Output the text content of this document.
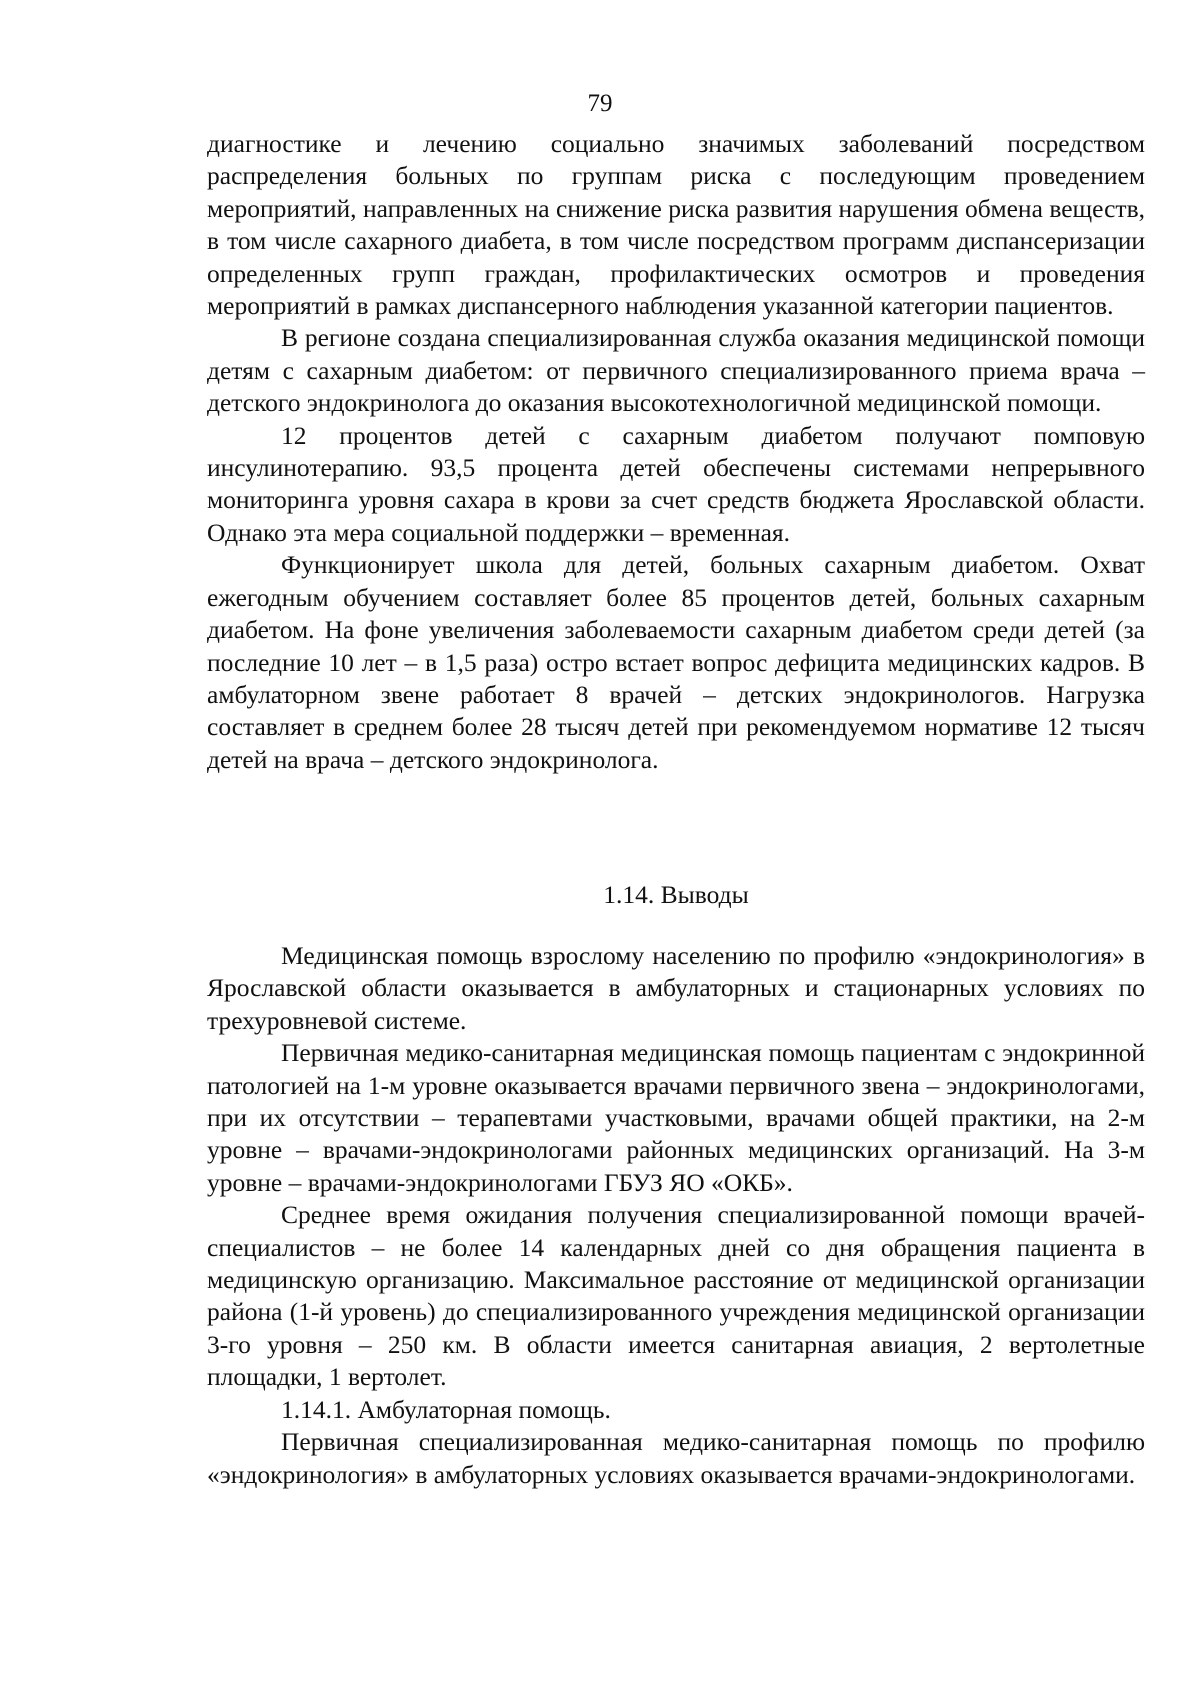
79

диагностике и лечению социально значимых заболеваний посредством распределения больных по группам риска с последующим проведением мероприятий, направленных на снижение риска развития нарушения обмена веществ, в том числе сахарного диабета, в том числе посредством программ диспансеризации определенных групп граждан, профилактических осмотров и проведения мероприятий в рамках диспансерного наблюдения указанной категории пациентов.

В регионе создана специализированная служба оказания медицинской помощи детям с сахарным диабетом: от первичного специализированного приема врача – детского эндокринолога до оказания высокотехнологичной медицинской помощи.

12 процентов детей с сахарным диабетом получают помповую инсулинотерапию. 93,5 процента детей обеспечены системами непрерывного мониторинга уровня сахара в крови за счет средств бюджета Ярославской области. Однако эта мера социальной поддержки – временная.

Функционирует школа для детей, больных сахарным диабетом. Охват ежегодным обучением составляет более 85 процентов детей, больных сахарным диабетом. На фоне увеличения заболеваемости сахарным диабетом среди детей (за последние 10 лет – в 1,5 раза) остро встает вопрос дефицита медицинских кадров. В амбулаторном звене работает 8 врачей – детских эндокринологов. Нагрузка составляет в среднем более 28 тысяч детей при рекомендуемом нормативе 12 тысяч детей на врача – детского эндокринолога.

1.14. Выводы

Медицинская помощь взрослому населению по профилю «эндокринология» в Ярославской области оказывается в амбулаторных и стационарных условиях по трехуровневой системе.

Первичная медико-санитарная медицинская помощь пациентам с эндокринной патологией на 1-м уровне оказывается врачами первичного звена – эндокринологами, при их отсутствии – терапевтами участковыми, врачами общей практики, на 2-м уровне – врачами-эндокринологами районных медицинских организаций. На 3-м уровне – врачами-эндокринологами ГБУЗ ЯО «ОКБ».

Среднее время ожидания получения специализированной помощи врачей-специалистов – не более 14 календарных дней со дня обращения пациента в медицинскую организацию. Максимальное расстояние от медицинской организации района (1-й уровень) до специализированного учреждения медицинской организации 3-го уровня – 250 км. В области имеется санитарная авиация, 2 вертолетные площадки, 1 вертолет.

1.14.1. Амбулаторная помощь.

Первичная специализированная медико-санитарная помощь по профилю «эндокринология» в амбулаторных условиях оказывается врачами-эндокринологами.
